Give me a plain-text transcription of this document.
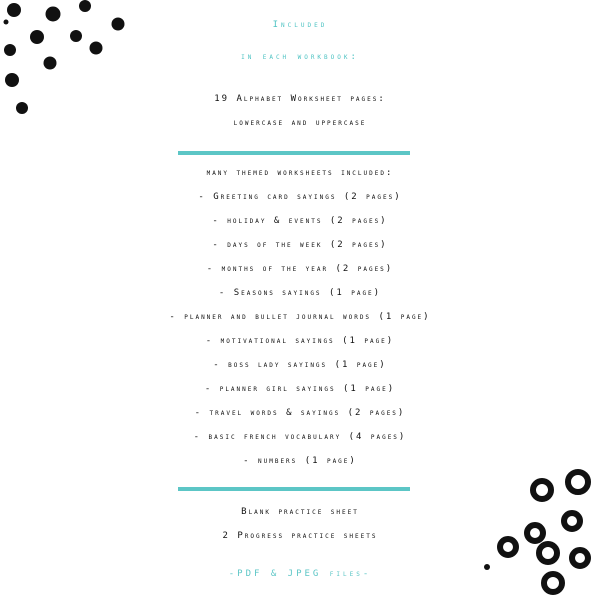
Included
in each workbook:
19 Alphabet Worksheet pages:
lowercase and uppercase
many themed worksheets included:
- Greeting card sayings (2 pages)
- holiday & events (2 pages)
- days of the week (2 pages)
- months of the year (2 pages)
- Seasons sayings (1 page)
- planner and bullet journal words (1 page)
- motivational sayings (1 page)
- boss lady sayings (1 page)
- planner girl sayings (1 page)
- travel words & sayings (2 pages)
- basic french vocabulary (4 pages)
- numbers (1 page)
Blank practice sheet
2 Progress practice sheets
-PDF & JPEG files-
